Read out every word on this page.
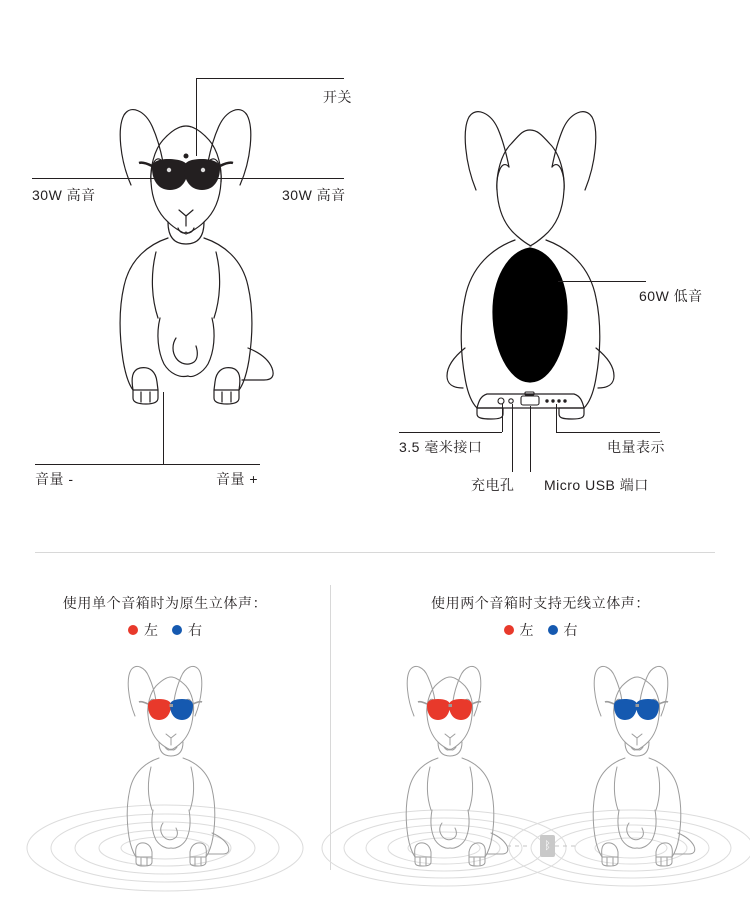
开关
30W 高音	30W 高音
音量 -	音量 +
60W 低音
3.5 毫米接口
充电孔 Micro USB 端口
电量表示
使用单个音箱时为原生立体声：
左 右
使用两个音箱时支持无线立体声：
左 右
ᛒ
